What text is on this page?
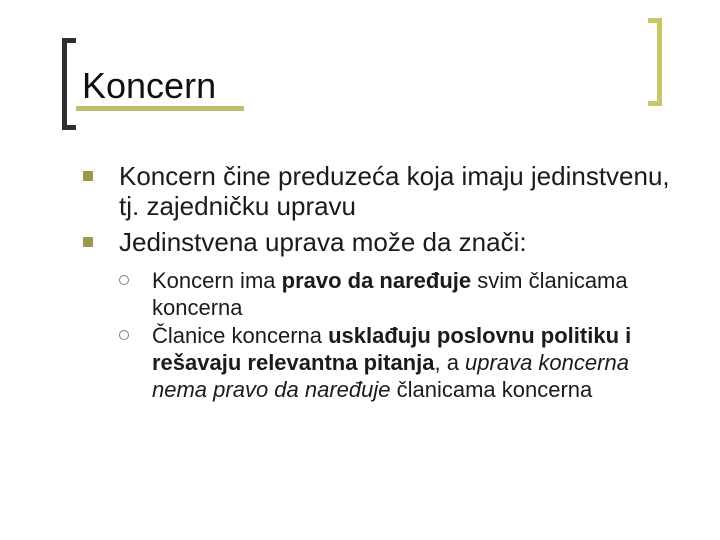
Koncern
Koncern čine preduzeća koja imaju jedinstvenu, tj. zajedničku upravu
Jedinstvena uprava može da znači:
Koncern ima pravo da naređuje svim članicama koncerna
Članice koncerna usklađuju poslovnu politiku i rešavaju relevantna pitanja, a uprava koncerna nema pravo da naređuje članicama koncerna
